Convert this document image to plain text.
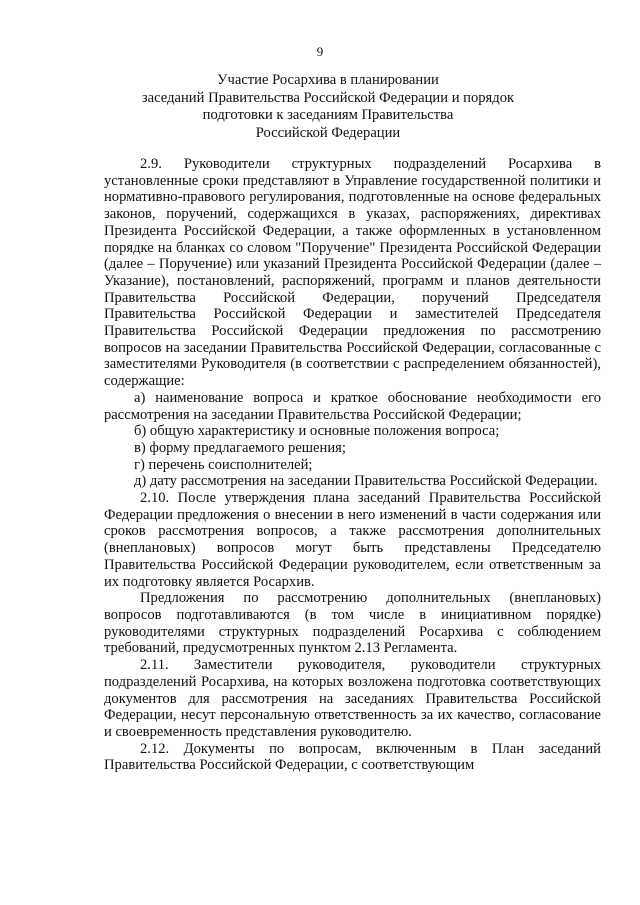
9
Участие Росархива в планировании
заседаний Правительства Российской Федерации и порядок
подготовки к заседаниям Правительства
Российской Федерации

2.9. Руководители структурных подразделений Росархива в установленные сроки представляют в Управление государственной политики и нормативно-правового регулирования, подготовленные на основе федеральных законов, поручений, содержащихся в указах, распоряжениях, директивах Президента Российской Федерации, а также оформленных в установленном порядке на бланках со словом "Поручение" Президента Российской Федерации (далее – Поручение) или указаний Президента Российской Федерации (далее – Указание), постановлений, распоряжений, программ и планов деятельности Правительства Российской Федерации, поручений Председателя Правительства Российской Федерации и заместителей Председателя Правительства Российской Федерации предложения по рассмотрению вопросов на заседании Правительства Российской Федерации, согласованные с заместителями Руководителя (в соответствии с распределением обязанностей), содержащие:

а) наименование вопроса и краткое обоснование необходимости его рассмотрения на заседании Правительства Российской Федерации;

б) общую характеристику и основные положения вопроса;

в) форму предлагаемого решения;

г) перечень соисполнителей;

д) дату рассмотрения на заседании Правительства Российской Федерации.

2.10. После утверждения плана заседаний Правительства Российской Федерации предложения о внесении в него изменений в части содержания или сроков рассмотрения вопросов, а также рассмотрения дополнительных (внеплановых) вопросов могут быть представлены Председателю Правительства Российской Федерации руководителем, если ответственным за их подготовку является Росархив.

Предложения по рассмотрению дополнительных (внеплановых) вопросов подготавливаются (в том числе в инициативном порядке) руководителями структурных подразделений Росархива с соблюдением требований, предусмотренных пунктом 2.13 Регламента.

2.11. Заместители руководителя, руководители структурных подразделений Росархива, на которых возложена подготовка соответствующих документов для рассмотрения на заседаниях Правительства Российской Федерации, несут персональную ответственность за их качество, согласование и своевременность представления руководителю.

2.12. Документы по вопросам, включенным в План заседаний Правительства Российской Федерации, с соответствующим
